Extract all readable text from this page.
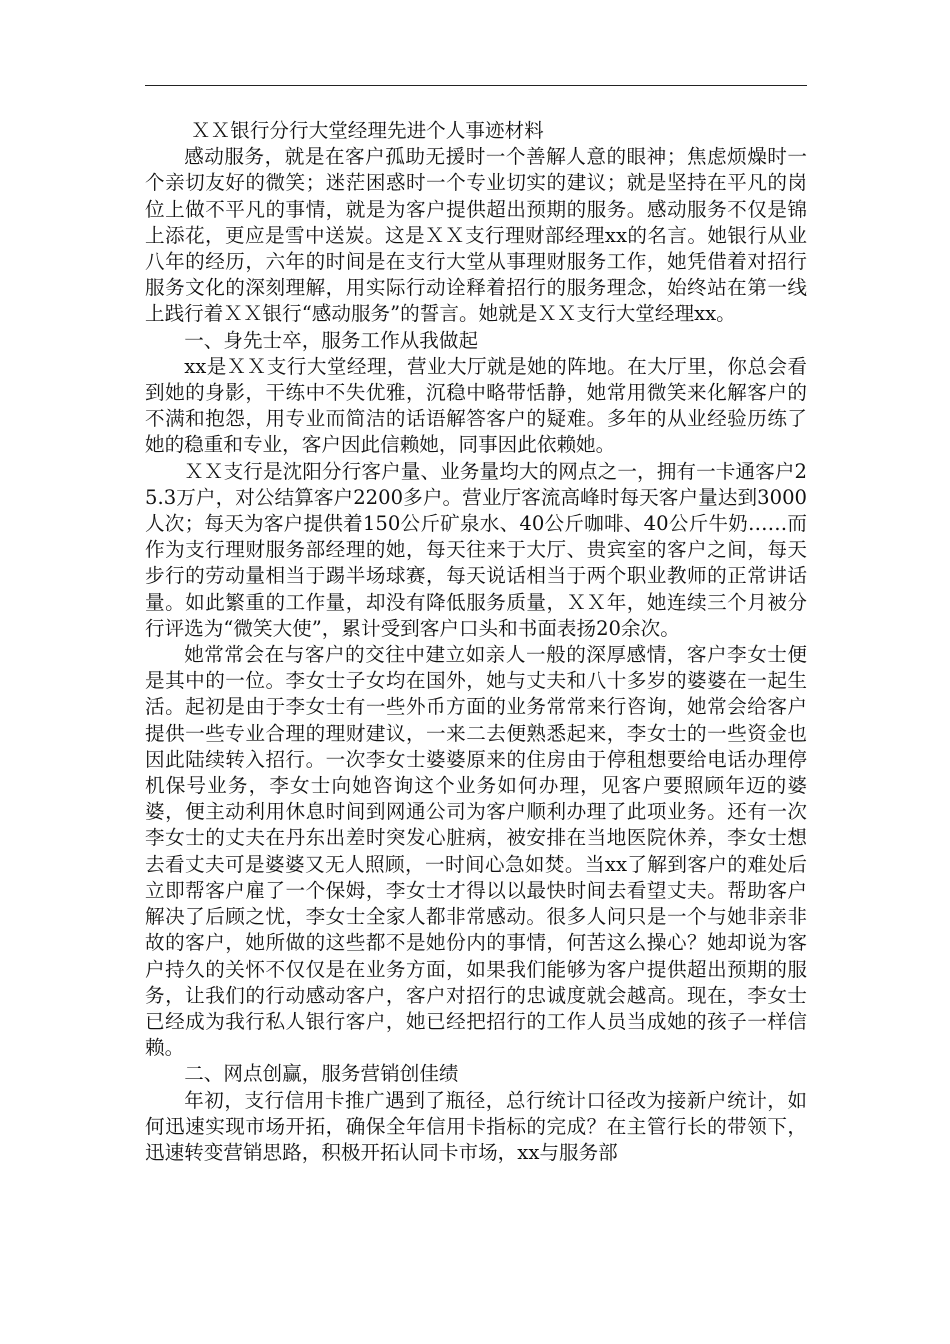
ＸＸ银行分行大堂经理先进个人事迹材料

感动服务，就是在客户孤助无援时一个善解人意的眼神；焦虑烦燥时一个亲切友好的微笑；迷茫困惑时一个专业切实的建议；就是坚持在平凡的岗位上做不平凡的事情，就是为客户提供超出预期的服务。感动服务不仅是锦上添花，更应是雪中送炭。这是ＸＸ支行理财部经理xx的名言。她银行从业八年的经历，六年的时间是在支行大堂从事理财服务工作，她凭借着对招行服务文化的深刻理解，用实际行动诠释着招行的服务理念，始终站在第一线上践行着ＸＸ银行“感动服务”的誓言。她就是ＸＸ支行大堂经理xx。

一、身先士卒，服务工作从我做起

xx是ＸＸ支行大堂经理，营业大厅就是她的阵地。在大厅里，你总会看到她的身影，干练中不失优雅，沉稳中略带恬静，她常用微笑来化解客户的不满和抱怨，用专业而简洁的话语解答客户的疑难。多年的从业经验历练了她的稳重和专业，客户因此信赖她，同事因此依赖她。

ＸＸ支行是沈阳分行客户量、业务量均大的网点之一，拥有一卡通客户25.3万户，对公结算客户2200多户。营业厅客流高峰时每天客户量达到3000人次；每天为客户提供着150公斤矿泉水、40公斤咖啡、40公斤牛奶……而作为支行理财服务部经理的她，每天往来于大厅、贵宾室的客户之间，每天步行的劳动量相当于踢半场球赛，每天说话相当于两个职业教师的正常讲话量。如此繁重的工作量，却没有降低服务质量，ＸＸ年，她连续三个月被分行评选为“微笑大使”，累计受到客户口头和书面表扬20余次。

她常常会在与客户的交往中建立如亲人一般的深厚感情，客户李女士便是其中的一位。李女士子女均在国外，她与丈夫和八十多岁的婆婆在一起生活。起初是由于李女士有一些外币方面的业务常常来行咨询，她常会给客户提供一些专业合理的理财建议，一来二去便熟悉起来，李女士的一些资金也因此陆续转入招行。一次李女士婆婆原来的住房由于停租想要给电话办理停机保号业务，李女士向她咨询这个业务如何办理，见客户要照顾年迈的婆婆，便主动利用休息时间到网通公司为客户顺利办理了此项业务。还有一次李女士的丈夫在丹东出差时突发心脏病，被安排在当地医院休养，李女士想去看丈夫可是婆婆又无人照顾，一时间心急如焚。当xx了解到客户的难处后立即帮客户雇了一个保姆，李女士才得以以最快时间去看望丈夫。帮助客户解决了后顾之忧，李女士全家人都非常感动。很多人问只是一个与她非亲非故的客户，她所做的这些都不是她份内的事情，何苦这么操心？她却说为客户持久的关怀不仅仅是在业务方面，如果我们能够为客户提供超出预期的服务，让我们的行动感动客户，客户对招行的忠诚度就会越高。现在，李女士已经成为我行私人银行客户，她已经把招行的工作人员当成她的孩子一样信赖。

二、网点创赢，服务营销创佳绩

年初，支行信用卡推广遇到了瓶径，总行统计口径改为接新户统计，如何迅速实现市场开拓，确保全年信用卡指标的完成？在主管行长的带领下，迅速转变营销思路，积极开拓认同卡市场，xx与服务部
